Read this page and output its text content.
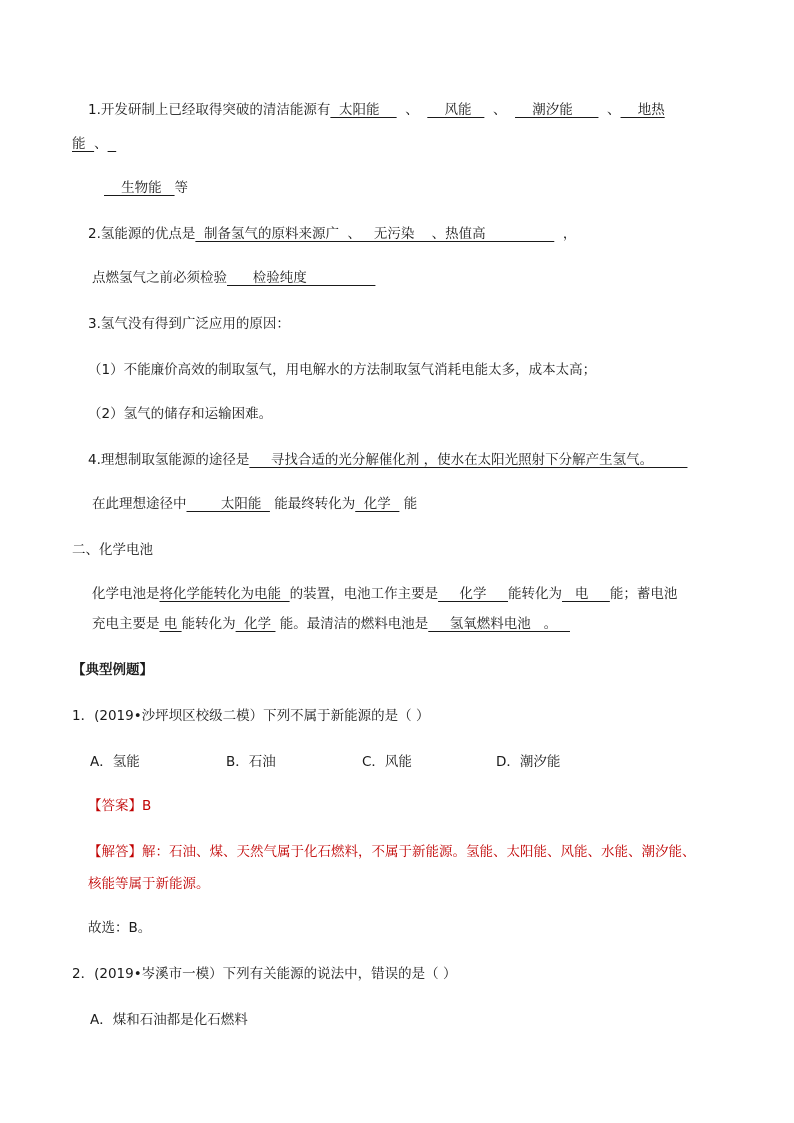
1.开发研制上已经取得突破的清洁能源有  太阳能      、      风能     、      潮汐能        、    地热
能  、
生物能   等
2.氢能源的优点是  制备氢气的原料来源广  、   无污染    、热值高                  ，
点燃氢气之前必须检验      检验纯度
3.氢气没有得到广泛应用的原因：
（1）不能廉价高效的制取氢气，用电解水的方法制取氢气消耗电能太多，成本太高；
（2）氢气的储存和运输困难。
4.理想制取氢能源的途径是     寻找合适的光分解催化剂 ，使水在太阳光照射下分解产生氢气。
在此理想途径中        太阳能   能最终转化为  化学   能
二、化学电池
化学电池是将化学能转化为电能  的装置，电池工作主要是     化学     能转化为   电     能；蓄电池
充电主要是 电 能转化为  化学  能。最清洁的燃料电池是     氢氧燃料电池   。
【典型例题】
1．(2019•沙坪坝区校级二模）下列不属于新能源的是（ ）
A．氢能	B．石油	C．风能	D．潮汐能
【答案】B
【解答】解：石油、煤、天然气属于化石燃料，不属于新能源。氢能、太阳能、风能、水能、潮汐能、
核能等属于新能源。
故选：B。
2．(2019•岑溪市一模）下列有关能源的说法中，错误的是（ ）
A．煤和石油都是化石燃料
